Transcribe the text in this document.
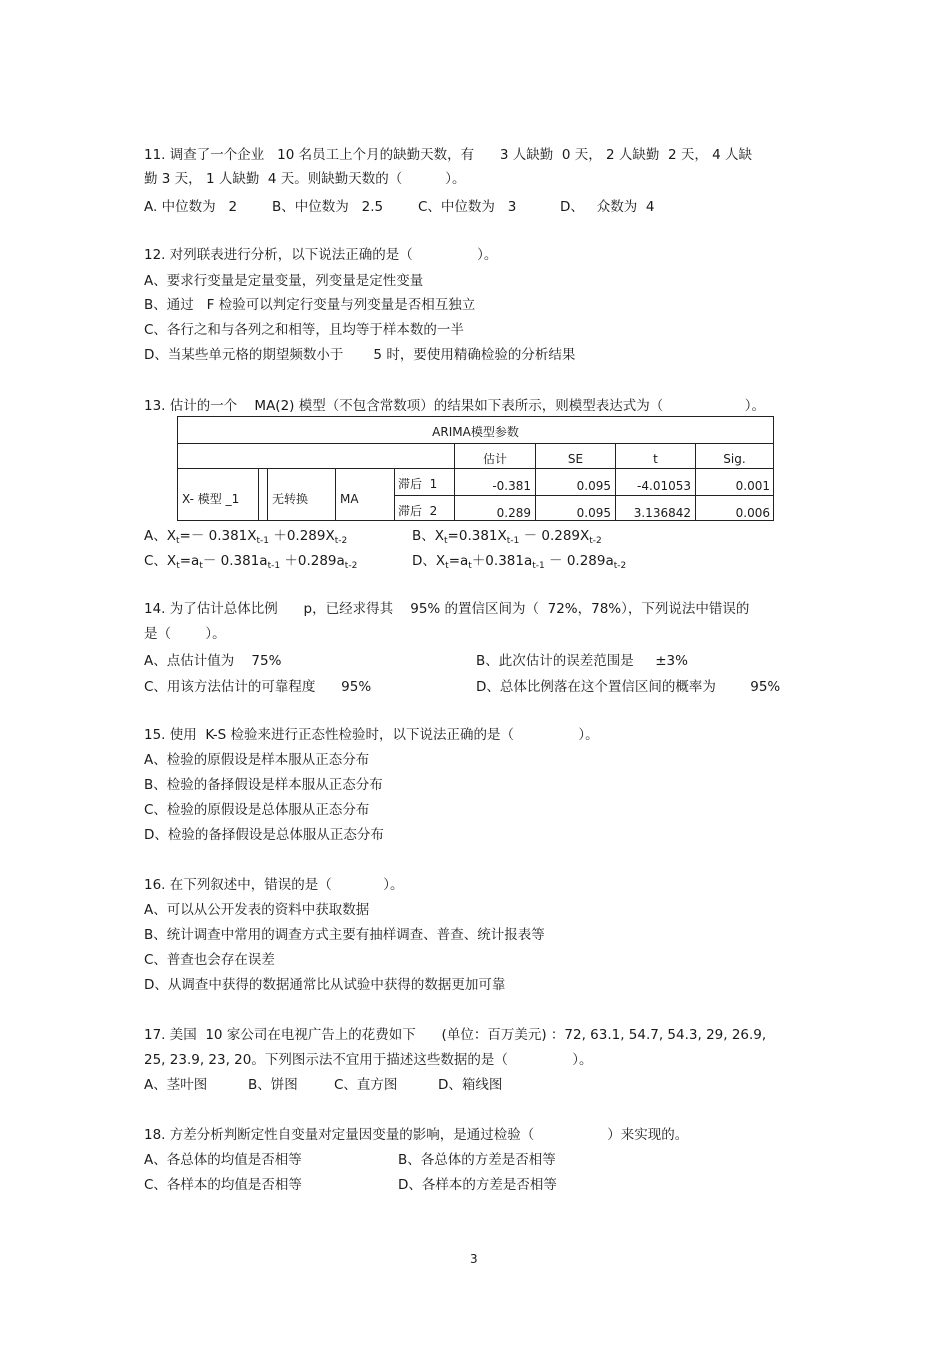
11. 调查了一个企业   10 名员工上个月的缺勤天数，有      3 人缺勤  0 天， 2 人缺勤  2 天， 4 人缺
勤 3 天， 1 人缺勤  4 天。则缺勤天数的（          ）。
A. 中位数为   2	B、中位数为   2.5	C、中位数为   3	D、   众数为  4
12. 对列联表进行分析，以下说法正确的是（               ）。
A、要求行变量是定量变量，列变量是定性变量
B、通过   F 检验可以判定行变量与列变量是否相互独立
C、各行之和与各列之和相等，且均等于样本数的一半
D、当某些单元格的期望频数小于       5 时，要使用精确检验的分析结果
13. 估计的一个    MA(2) 模型（不包含常数项）的结果如下表所示，则模型表达式为（                   ）。
ARIMA模型参数
估计	SE	t	Sig.
X- 模型 _1	无转换	MA
滞后  1	-0.381	0.095	-4.01053	0.001
滞后  2	0.289	0.095	3.136842	0.006
A、$X_t=- 0.381X_{t-1} +0.289X_{t-2}$	B、$X_t=0.381X_{t-1} - 0.289X_{t-2}$
C、$X_t=a_t- 0.381a_{t-1} +0.289a_{t-2}$	D、$X_t=a_t+0.381a_{t-1} - 0.289a_{t-2}$
14. 为了估计总体比例      p，已经求得其    95% 的置信区间为（  72%，78%），下列说法中错误的
是（        ）。
A、点估计值为    75%	B、此次估计的误差范围是     ±3%
C、用该方法估计的可靠程度      95%	D、总体比例落在这个置信区间的概率为        95%
15. 使用  K-S 检验来进行正态性检验时，以下说法正确的是（               ）。
A、检验的原假设是样本服从正态分布
B、检验的备择假设是样本服从正态分布
C、检验的原假设是总体服从正态分布
D、检验的备择假设是总体服从正态分布
16. 在下列叙述中，错误的是（            ）。
A、可以从公开发表的资料中获取数据
B、统计调查中常用的调查方式主要有抽样调查、普查、统计报表等
C、普查也会存在误差
D、从调查中获得的数据通常比从试验中获得的数据更加可靠
17. 美国  10 家公司在电视广告上的花费如下      (单位：百万美元) ：72, 63.1, 54.7, 54.3, 29, 26.9,
25, 23.9, 23, 20。下列图示法不宜用于描述这些数据的是（               ）。
A、茎叶图	B、饼图	C、直方图	D、箱线图
18. 方差分析判断定性自变量对定量因变量的影响，是通过检验（                 ）来实现的。
A、各总体的均值是否相等	B、各总体的方差是否相等
C、各样本的均值是否相等	D、各样本的方差是否相等
3
